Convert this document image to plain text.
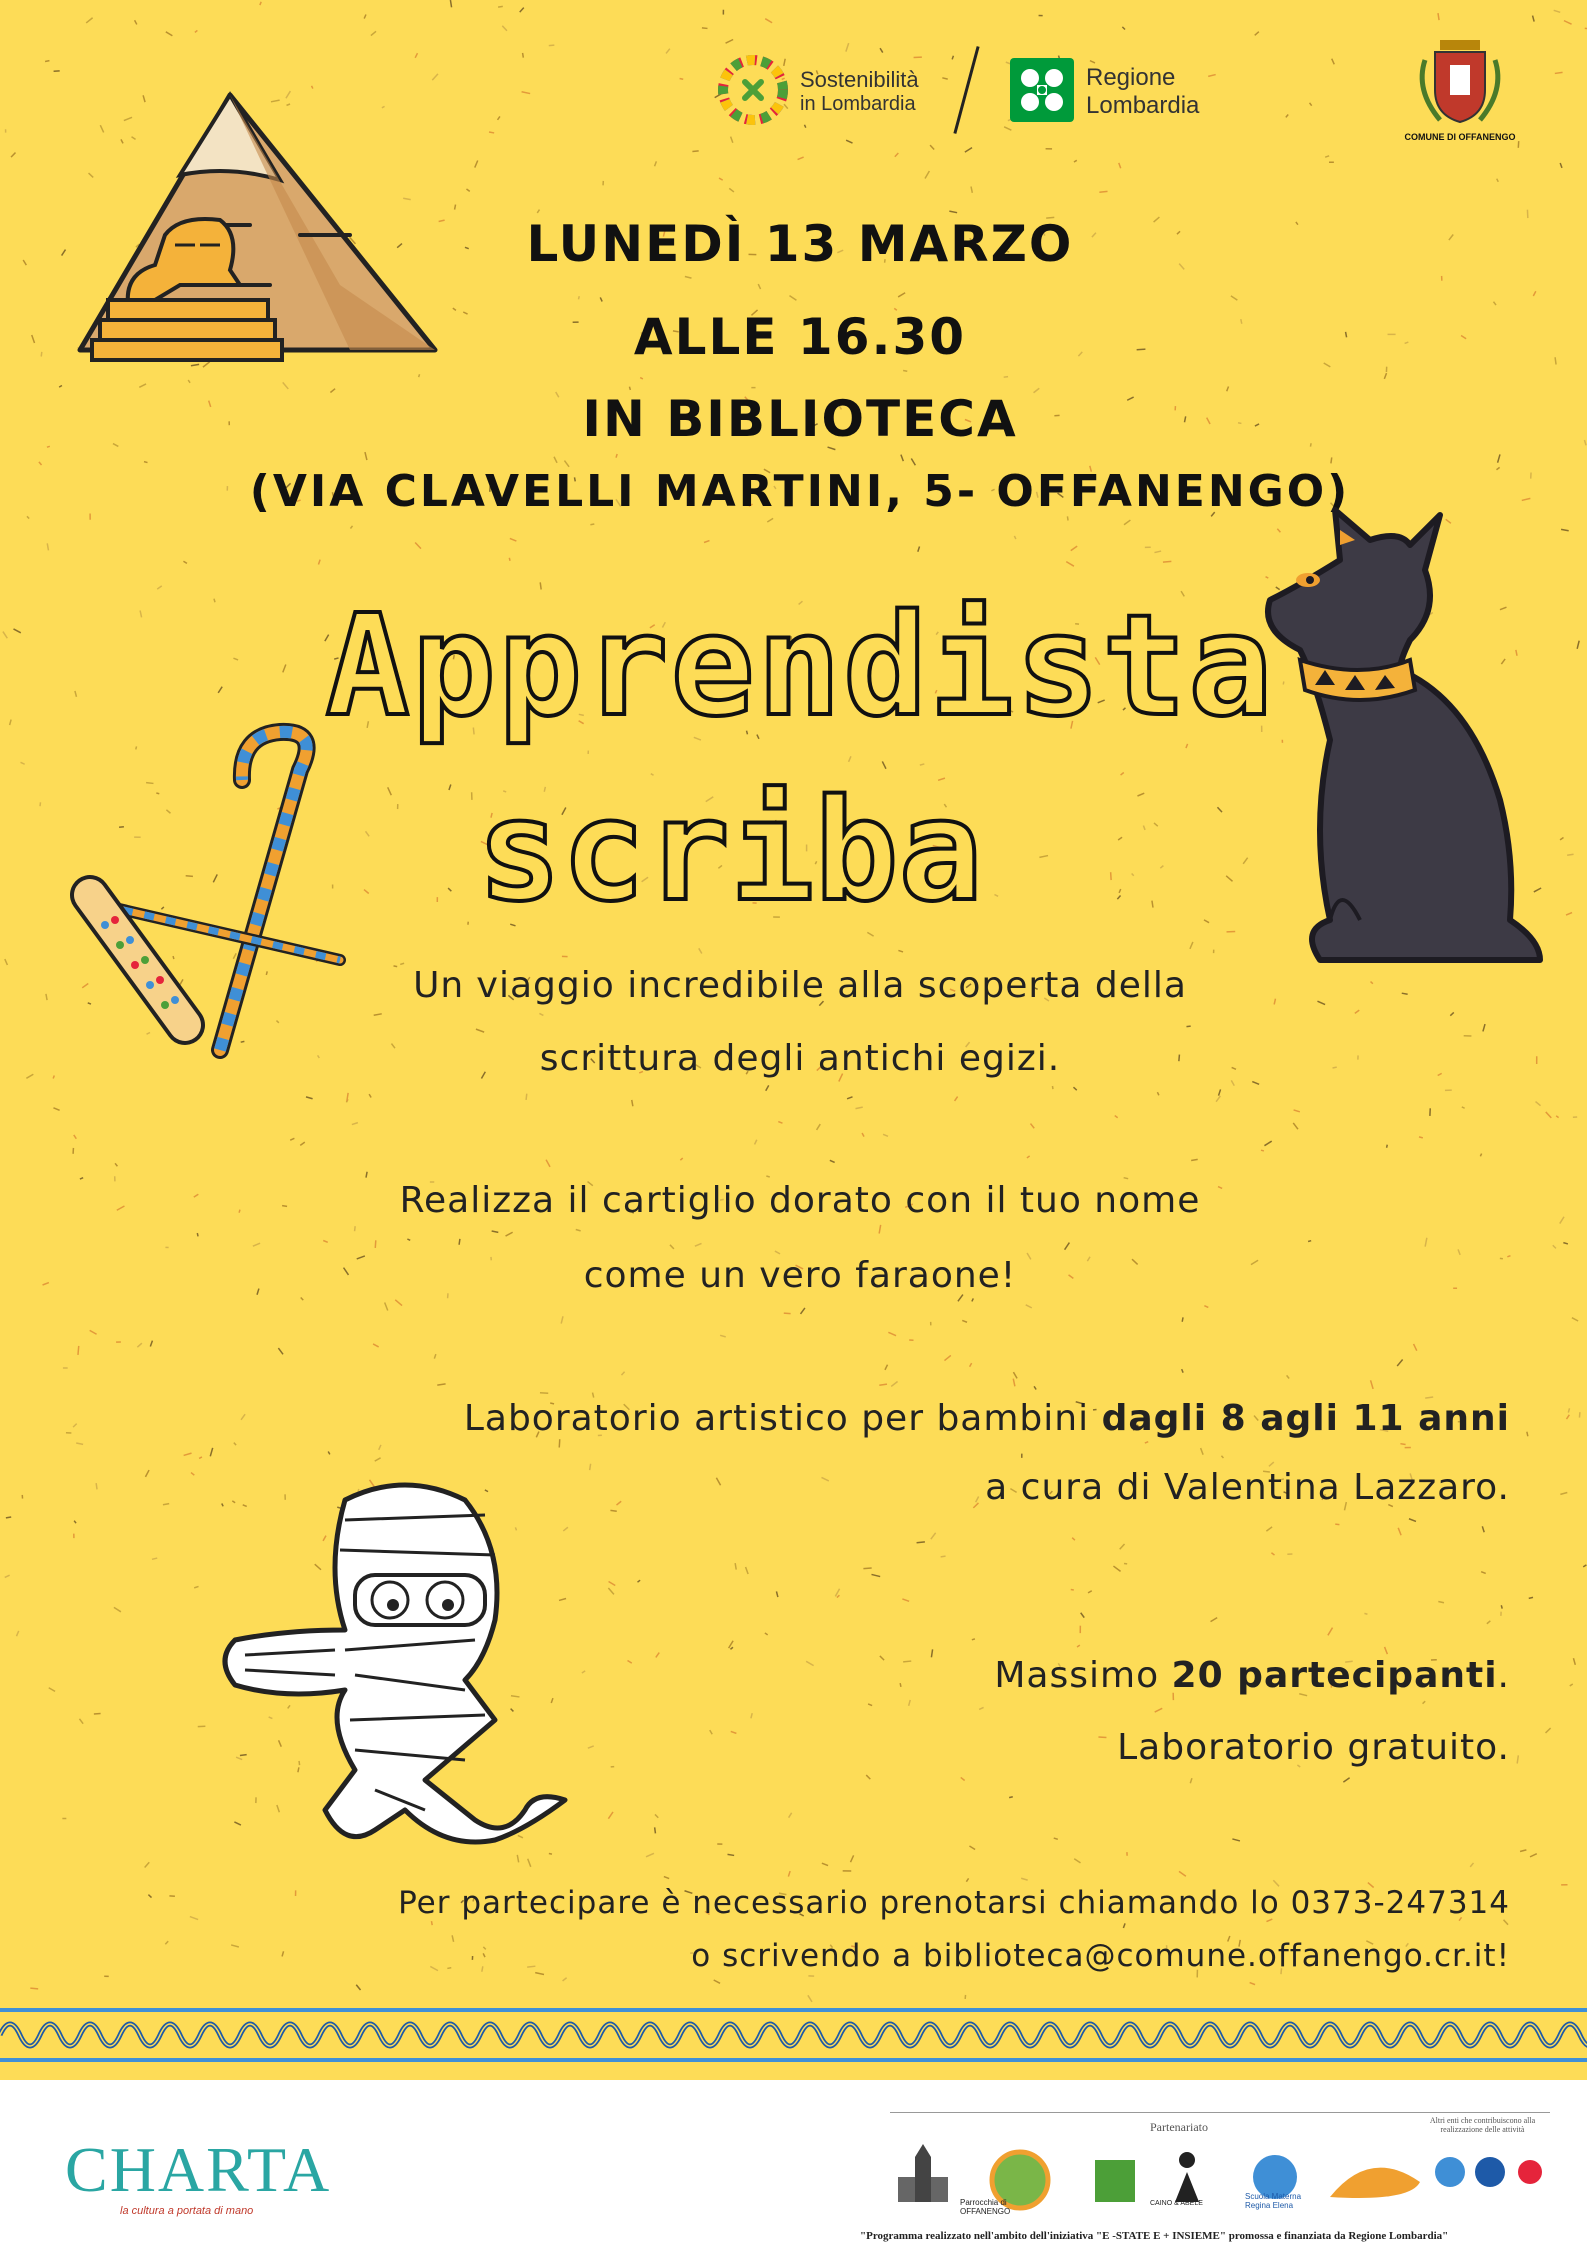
Sostenibilità
in Lombardia
Regione
Lombardia
COMUNE DI OFFANENGO
LUNEDÌ 13 MARZO
ALLE 16.30
IN BIBLIOTECA
(VIA CLAVELLI MARTINI, 5- OFFANENGO)
Apprendista
scriba
Un viaggio incredibile alla scoperta della
scrittura degli antichi egizi.
Realizza il cartiglio dorato con il tuo nome
come un vero faraone!
Laboratorio artistico per bambini dagli 8 agli 11 anni
a cura di Valentina Lazzaro.
Massimo 20 partecipanti.
Laboratorio gratuito.
Per partecipare è necessario prenotarsi chiamando lo 0373-247314
o scrivendo a biblioteca@comune.offanengo.cr.it!
CHARTA
la cultura a portata di mano
Partenariato	Altri enti che contribuiscono alla realizzazione delle attività
Parrocchia di OFFANENGO
CAINO & ABELE
Scuola Materna Regina Elena
"Programma realizzato nell'ambito dell'iniziativa "E -STATE E + INSIEME" promossa e finanziata da Regione Lombardia"
